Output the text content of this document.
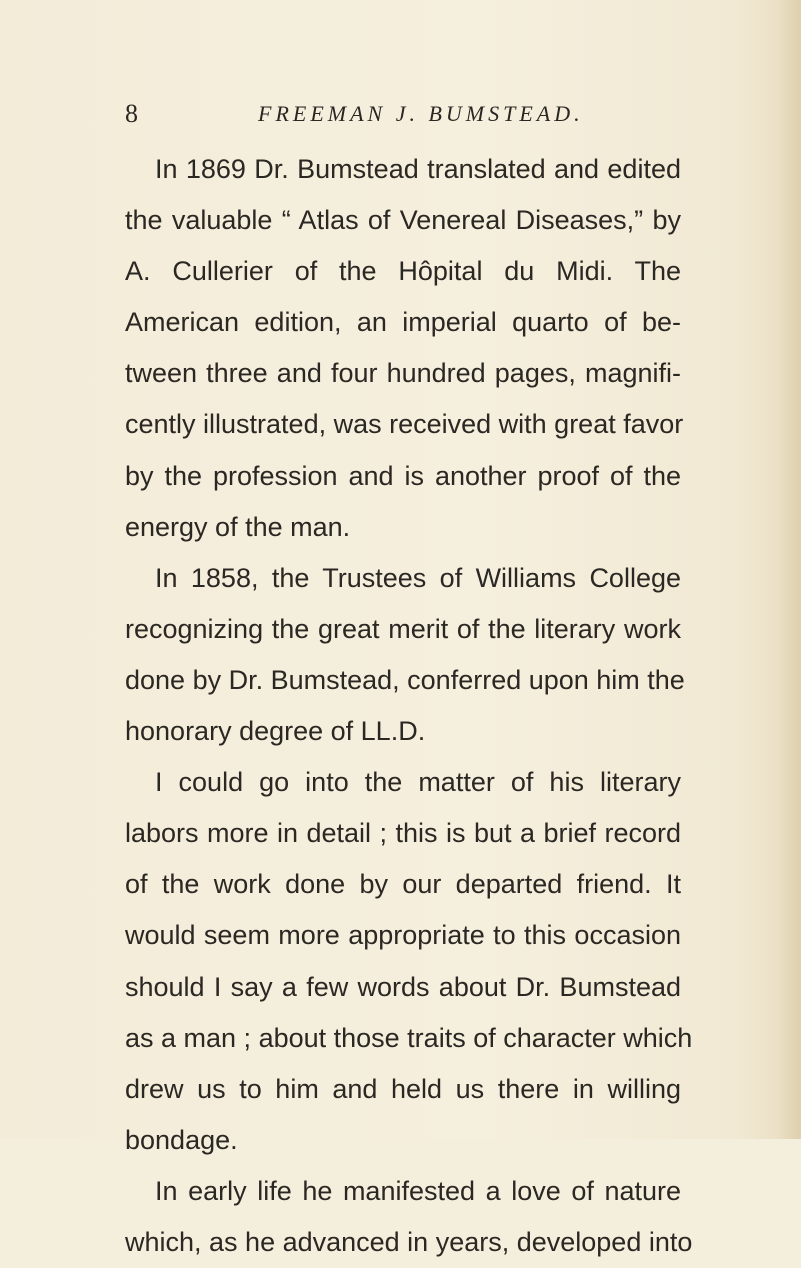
8	FREEMAN J. BUMSTEAD.
In 1869 Dr. Bumstead translated and edited
the valuable “ Atlas of Venereal Diseases,” by
A. Cullerier of the Hôpital du Midi. The
American edition, an imperial quarto of be-
tween three and four hundred pages, magnifi-
cently illustrated, was received with great favor
by the profession and is another proof of the
energy of the man.
In 1858, the Trustees of Williams College
recognizing the great merit of the literary work
done by Dr. Bumstead, conferred upon him the
honorary degree of LL.D.
I could go into the matter of his literary
labors more in detail ; this is but a brief record
of the work done by our departed friend. It
would seem more appropriate to this occasion
should I say a few words about Dr. Bumstead
as a man ; about those traits of character which
drew us to him and held us there in willing
bondage.
In early life he manifested a love of nature
which, as he advanced in years, developed into
